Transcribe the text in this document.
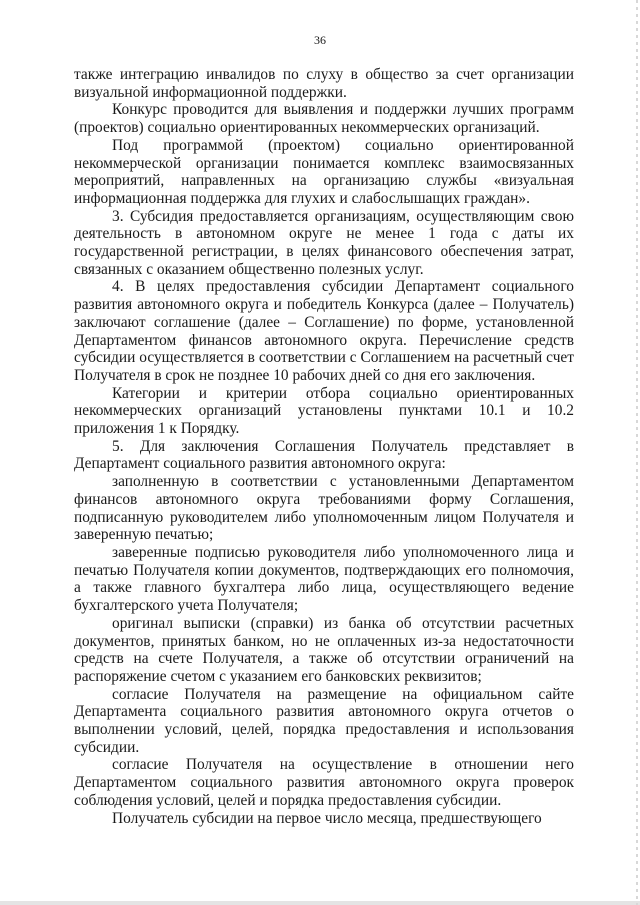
36

также интеграцию инвалидов по слуху в общество за счет организации визуальной информационной поддержки.

Конкурс проводится для выявления и поддержки лучших программ (проектов) социально ориентированных некоммерческих организаций.

Под программой (проектом) социально ориентированной некоммерческой организации понимается комплекс взаимосвязанных мероприятий, направленных на организацию службы «визуальная информационная поддержка для глухих и слабослышащих граждан».

3. Субсидия предоставляется организациям, осуществляющим свою деятельность в автономном округе не менее 1 года с даты их государственной регистрации, в целях финансового обеспечения затрат, связанных с оказанием общественно полезных услуг.

4. В целях предоставления субсидии Департамент социального развития автономного округа и победитель Конкурса (далее – Получатель) заключают соглашение (далее – Соглашение) по форме, установленной Департаментом финансов автономного округа. Перечисление средств субсидии осуществляется в соответствии с Соглашением на расчетный счет Получателя в срок не позднее 10 рабочих дней со дня его заключения.

Категории и критерии отбора социально ориентированных некоммерческих организаций установлены пунктами 10.1 и 10.2 приложения 1 к Порядку.

5. Для заключения Соглашения Получатель представляет в Департамент социального развития автономного округа:

заполненную в соответствии с установленными Департаментом финансов автономного округа требованиями форму Соглашения, подписанную руководителем либо уполномоченным лицом Получателя и заверенную печатью;

заверенные подписью руководителя либо уполномоченного лица и печатью Получателя копии документов, подтверждающих его полномочия, а также главного бухгалтера либо лица, осуществляющего ведение бухгалтерского учета Получателя;

оригинал выписки (справки) из банка об отсутствии расчетных документов, принятых банком, но не оплаченных из-за недостаточности средств на счете Получателя, а также об отсутствии ограничений на распоряжение счетом с указанием его банковских реквизитов;

согласие Получателя на размещение на официальном сайте Департамента социального развития автономного округа отчетов о выполнении условий, целей, порядка предоставления и использования субсидии.

согласие Получателя на осуществление в отношении него Департаментом социального развития автономного округа проверок соблюдения условий, целей и порядка предоставления субсидии.

Получатель субсидии на первое число месяца, предшествующего
